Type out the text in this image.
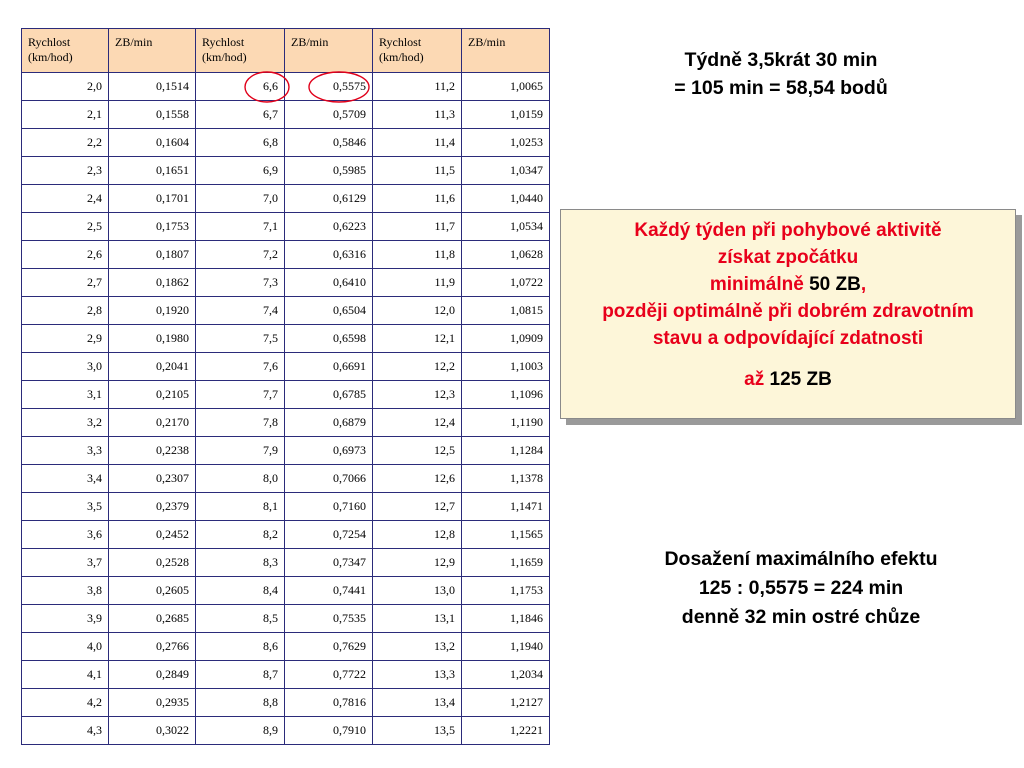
Rychlost (km/hod)	ZB/min	Rychlost (km/hod)	ZB/min	Rychlost (km/hod)	ZB/min
2,0	0,1514	6,6	0,5575	11,2	1,0065
2,1	0,1558	6,7	0,5709	11,3	1,0159
2,2	0,1604	6,8	0,5846	11,4	1,0253
2,3	0,1651	6,9	0,5985	11,5	1,0347
2,4	0,1701	7,0	0,6129	11,6	1,0440
2,5	0,1753	7,1	0,6223	11,7	1,0534
2,6	0,1807	7,2	0,6316	11,8	1,0628
2,7	0,1862	7,3	0,6410	11,9	1,0722
2,8	0,1920	7,4	0,6504	12,0	1,0815
2,9	0,1980	7,5	0,6598	12,1	1,0909
3,0	0,2041	7,6	0,6691	12,2	1,1003
3,1	0,2105	7,7	0,6785	12,3	1,1096
3,2	0,2170	7,8	0,6879	12,4	1,1190
3,3	0,2238	7,9	0,6973	12,5	1,1284
3,4	0,2307	8,0	0,7066	12,6	1,1378
3,5	0,2379	8,1	0,7160	12,7	1,1471
3,6	0,2452	8,2	0,7254	12,8	1,1565
3,7	0,2528	8,3	0,7347	12,9	1,1659
3,8	0,2605	8,4	0,7441	13,0	1,1753
3,9	0,2685	8,5	0,7535	13,1	1,1846
4,0	0,2766	8,6	0,7629	13,2	1,1940
4,1	0,2849	8,7	0,7722	13,3	1,2034
4,2	0,2935	8,8	0,7816	13,4	1,2127
4,3	0,3022	8,9	0,7910	13,5	1,2221
Týdně 3,5krát 30 min
= 105 min = 58,54 bodů
Každý týden při pohybové aktivitě
získat zpočátku
minimálně 50 ZB,
později optimálně při dobrém zdravotním
stavu a odpovídající zdatnosti
až 125 ZB
Dosažení maximálního efektu
125 : 0,5575 = 224 min
denně 32 min ostré chůze
